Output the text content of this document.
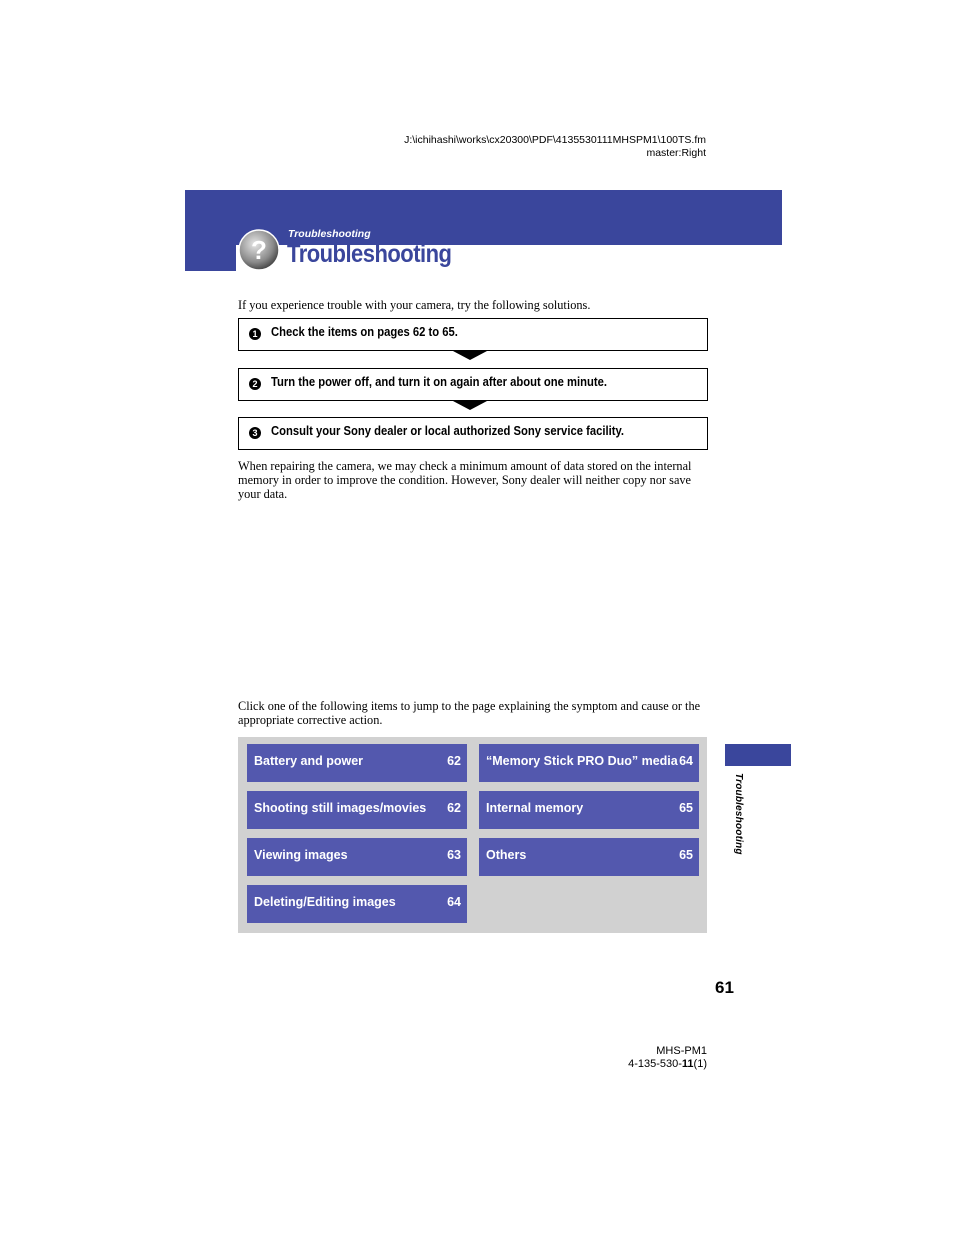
J:\ichihashi\works\cx20300\PDF\4135530111MHSPM1\100TS.fm
master:Right
?
Troubleshooting
Troubleshooting
If you experience trouble with your camera, try the following solutions.
1 Check the items on pages 62 to 65.
2 Turn the power off, and turn it on again after about one minute.
3 Consult your Sony dealer or local authorized Sony service facility.
When repairing the camera, we may check a minimum amount of data stored on the internal memory in order to improve the condition. However, Sony dealer will neither copy nor save your data.
Click one of the following items to jump to the page explaining the symptom and cause or the appropriate corrective action.
Battery and power	62 “Memory Stick PRO Duo” media 64
Shooting still images/movies 62 Internal memory	65
Viewing images	63 Others	65
Deleting/Editing images	64
Troubleshooting
61
MHS-PM1
4-135-530-11(1)
